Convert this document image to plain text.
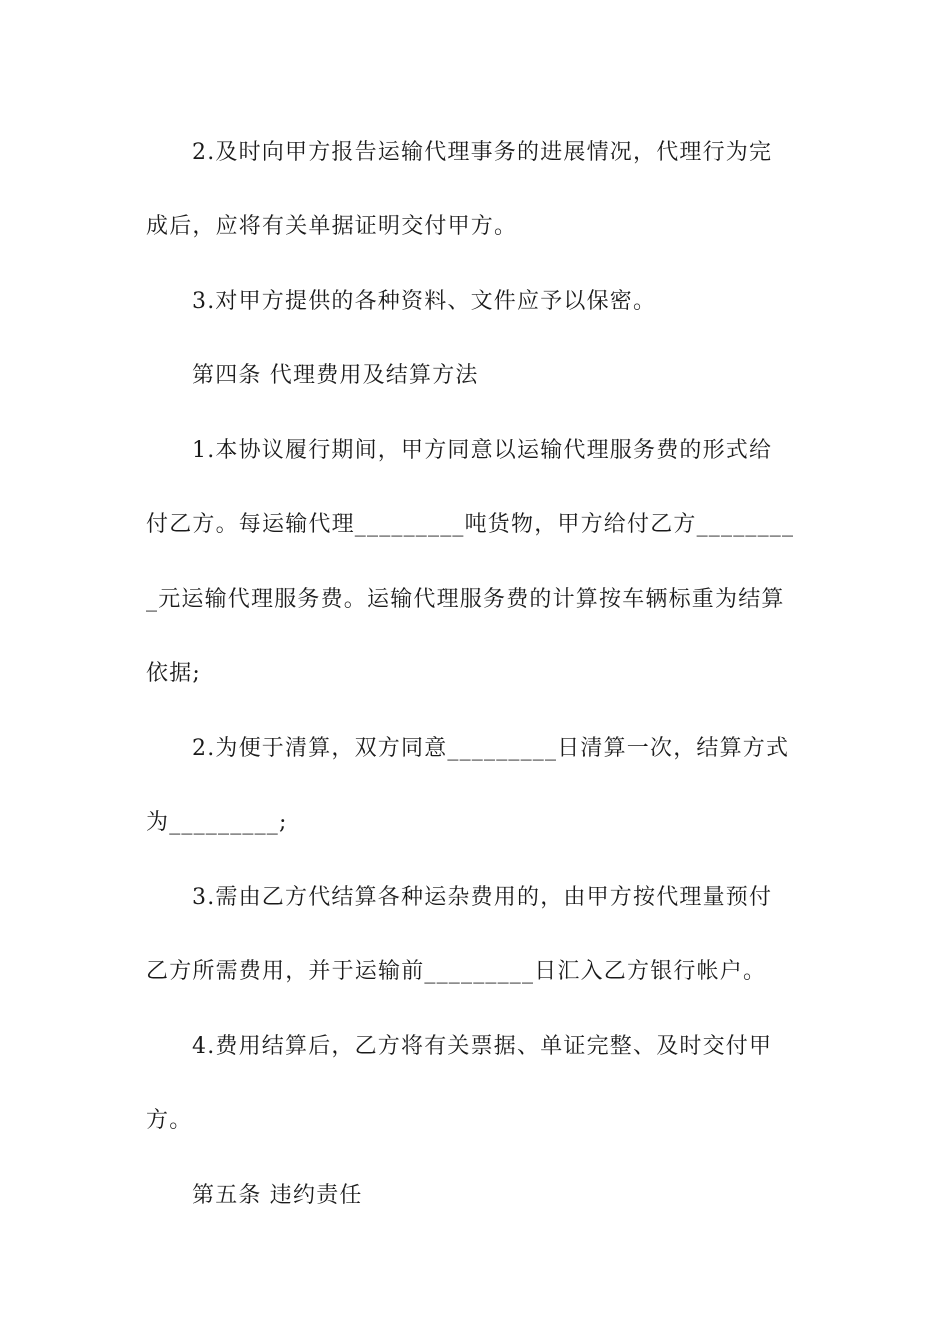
2.及时向甲方报告运输代理事务的进展情况，代理行为完
成后，应将有关单据证明交付甲方。
3.对甲方提供的各种资料、文件应予以保密。
第四条 代理费用及结算方法
1.本协议履行期间，甲方同意以运输代理服务费的形式给
付乙方。每运输代理_________吨货物，甲方给付乙方________
_元运输代理服务费。运输代理服务费的计算按车辆标重为结算
依据;
2.为便于清算，双方同意_________日清算一次，结算方式
为_________;
3.需由乙方代结算各种运杂费用的，由甲方按代理量预付
乙方所需费用，并于运输前_________日汇入乙方银行帐户。
4.费用结算后，乙方将有关票据、单证完整、及时交付甲
方。
第五条 违约责任
